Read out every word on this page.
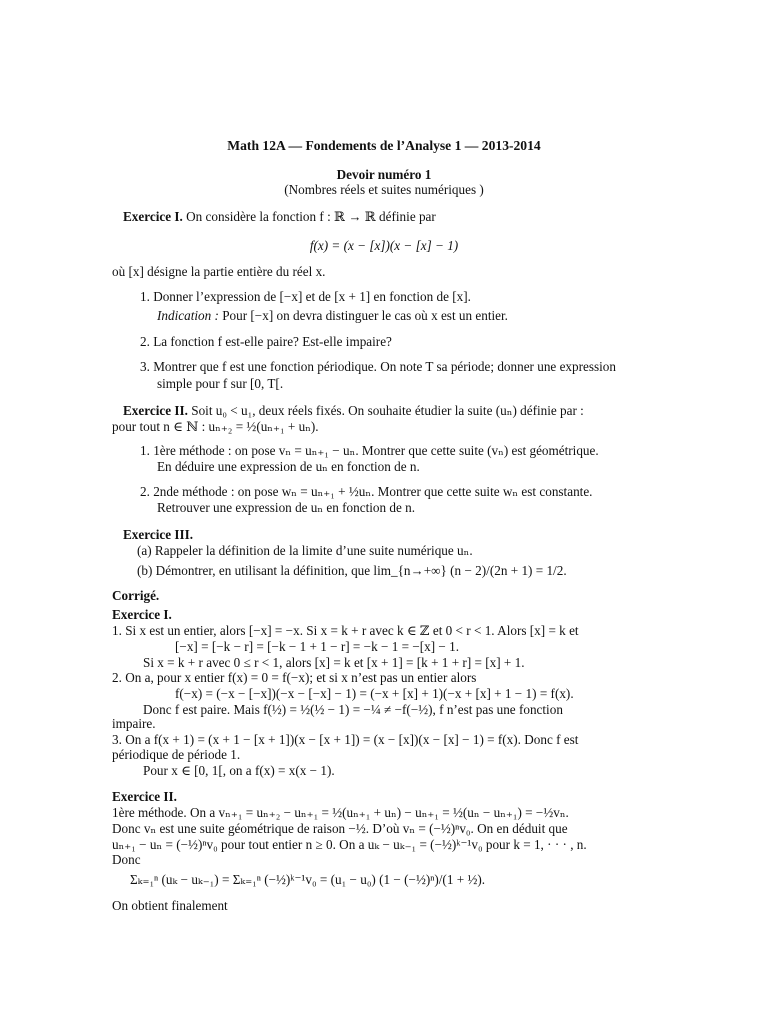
Math 12A — Fondements de l’Analyse 1 — 2013-2014
Devoir numéro 1
(Nombres réels et suites numériques )
Exercice I. On considère la fonction f : ℝ → ℝ définie par
f(x) = (x − [x])(x − [x] − 1)
où [x] désigne la partie entière du réel x.
1. Donner l’expression de [−x] et de [x + 1] en fonction de [x].
Indication : Pour [−x] on devra distinguer le cas où x est un entier.
2. La fonction f est-elle paire? Est-elle impaire?
3. Montrer que f est une fonction périodique. On note T sa période; donner une expression
simple pour f sur [0, T[.
Exercice II. Soit u₀ < u₁, deux réels fixés. On souhaite étudier la suite (uₙ) définie par :
pour tout n ∈ ℕ : uₙ₊₂ = ½(uₙ₊₁ + uₙ).
1. 1ère méthode : on pose vₙ = uₙ₊₁ − uₙ. Montrer que cette suite (vₙ) est géométrique.
En déduire une expression de uₙ en fonction de n.
2. 2nde méthode : on pose wₙ = uₙ₊₁ + ½uₙ. Montrer que cette suite wₙ est constante.
Retrouver une expression de uₙ en fonction de n.
Exercice III.
(a) Rappeler la définition de la limite d’une suite numérique uₙ.
(b) Démontrer, en utilisant la définition, que lim_{n→+∞} (n − 2)/(2n + 1) = 1/2.
Corrigé.
Exercice I.
1. Si x est un entier, alors [−x] = −x. Si x = k + r avec k ∈ ℤ et 0 < r < 1. Alors [x] = k et
[−x] = [−k − r] = [−k − 1 + 1 − r] = −k − 1 = −[x] − 1.
Si x = k + r avec 0 ≤ r < 1, alors [x] = k et [x + 1] = [k + 1 + r] = [x] + 1.
2. On a, pour x entier f(x) = 0 = f(−x); et si x n’est pas un entier alors
f(−x) = (−x − [−x])(−x − [−x] − 1) = (−x + [x] + 1)(−x + [x] + 1 − 1) = f(x).
Donc f est paire. Mais f(½) = ½(½ − 1) = −¼ ≠ −f(−½), f n’est pas une fonction
impaire.
3. On a f(x + 1) = (x + 1 − [x + 1])(x − [x + 1]) = (x − [x])(x − [x] − 1) = f(x). Donc f est
périodique de période 1.
Pour x ∈ [0, 1[, on a f(x) = x(x − 1).
Exercice II.
1ère méthode. On a vₙ₊₁ = uₙ₊₂ − uₙ₊₁ = ½(uₙ₊₁ + uₙ) − uₙ₊₁ = ½(uₙ − uₙ₊₁) = −½vₙ.
Donc vₙ est une suite géométrique de raison −½. D’où vₙ = (−½)ⁿv₀. On en déduit que
uₙ₊₁ − uₙ = (−½)ⁿv₀ pour tout entier n ≥ 0. On a uₖ − uₖ₋₁ = (−½)ᵏ⁻¹v₀ pour k = 1, · · · , n.
Donc
Σₖ₌₁ⁿ (uₖ − uₖ₋₁) = Σₖ₌₁ⁿ (−½)ᵏ⁻¹v₀ = (u₁ − u₀) (1 − (−½)ⁿ)/(1 + ½).
On obtient finalement
